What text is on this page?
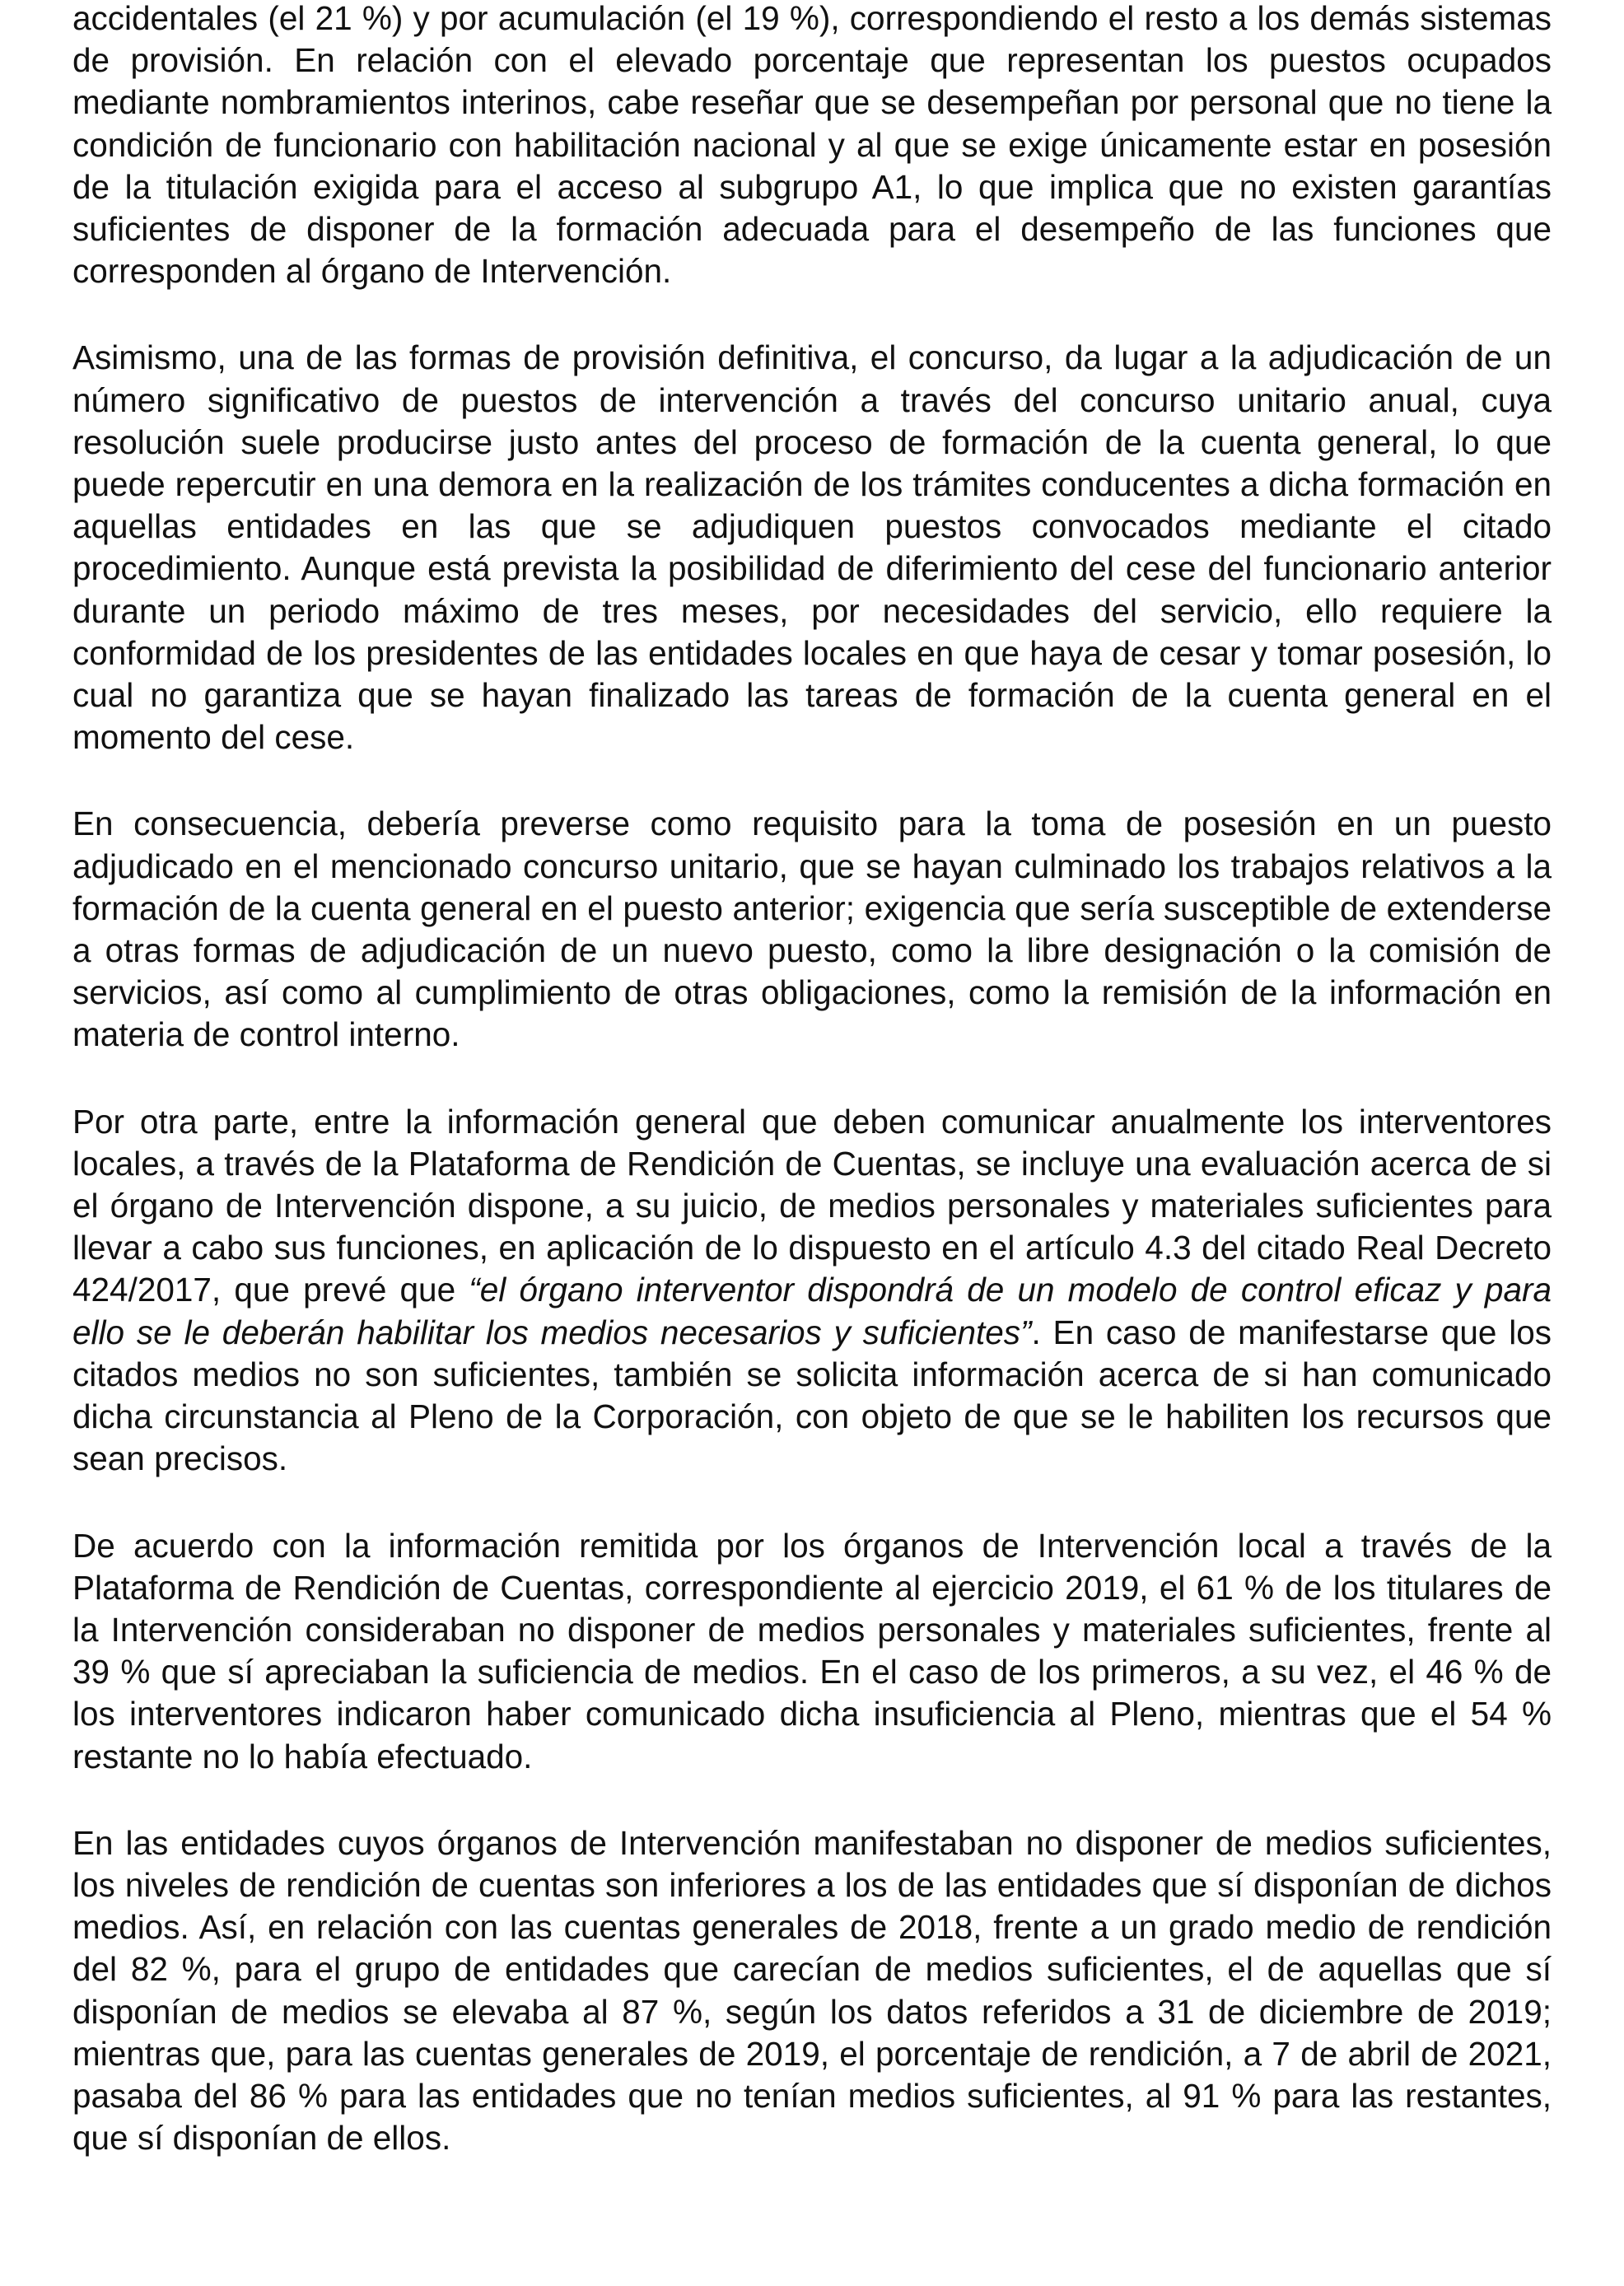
accidentales (el 21 %) y por acumulación (el 19 %), correspondiendo el resto a los demás sistemas de provisión. En relación con el elevado porcentaje que representan los puestos ocupados mediante nombramientos interinos, cabe reseñar que se desempeñan por personal que no tiene la condición de funcionario con habilitación nacional y al que se exige únicamente estar en posesión de la titulación exigida para el acceso al subgrupo A1, lo que implica que no existen garantías suficientes de disponer de la formación adecuada para el desempeño de las funciones que corresponden al órgano de Intervención.

Asimismo, una de las formas de provisión definitiva, el concurso, da lugar a la adjudicación de un número significativo de puestos de intervención a través del concurso unitario anual, cuya resolución suele producirse justo antes del proceso de formación de la cuenta general, lo que puede repercutir en una demora en la realización de los trámites conducentes a dicha formación en aquellas entidades en las que se adjudiquen puestos convocados mediante el citado procedimiento. Aunque está prevista la posibilidad de diferimiento del cese del funcionario anterior durante un periodo máximo de tres meses, por necesidades del servicio, ello requiere la conformidad de los presidentes de las entidades locales en que haya de cesar y tomar posesión, lo cual no garantiza que se hayan finalizado las tareas de formación de la cuenta general en el momento del cese.

En consecuencia, debería preverse como requisito para la toma de posesión en un puesto adjudicado en el mencionado concurso unitario, que se hayan culminado los trabajos relativos a la formación de la cuenta general en el puesto anterior; exigencia que sería susceptible de extenderse a otras formas de adjudicación de un nuevo puesto, como la libre designación o la comisión de servicios, así como al cumplimiento de otras obligaciones, como la remisión de la información en materia de control interno.

Por otra parte, entre la información general que deben comunicar anualmente los interventores locales, a través de la Plataforma de Rendición de Cuentas, se incluye una evaluación acerca de si el órgano de Intervención dispone, a su juicio, de medios personales y materiales suficientes para llevar a cabo sus funciones, en aplicación de lo dispuesto en el artículo 4.3 del citado Real Decreto 424/2017, que prevé que “el órgano interventor dispondrá de un modelo de control eficaz y para ello se le deberán habilitar los medios necesarios y suficientes”. En caso de manifestarse que los citados medios no son suficientes, también se solicita información acerca de si han comunicado dicha circunstancia al Pleno de la Corporación, con objeto de que se le habiliten los recursos que sean precisos.

De acuerdo con la información remitida por los órganos de Intervención local a través de la Plataforma de Rendición de Cuentas, correspondiente al ejercicio 2019, el 61 % de los titulares de la Intervención consideraban no disponer de medios personales y materiales suficientes, frente al 39 % que sí apreciaban la suficiencia de medios. En el caso de los primeros, a su vez, el 46 % de los interventores indicaron haber comunicado dicha insuficiencia al Pleno, mientras que el 54 % restante no lo había efectuado.

En las entidades cuyos órganos de Intervención manifestaban no disponer de medios suficientes, los niveles de rendición de cuentas son inferiores a los de las entidades que sí disponían de dichos medios. Así, en relación con las cuentas generales de 2018, frente a un grado medio de rendición del 82 %, para el grupo de entidades que carecían de medios suficientes, el de aquellas que sí disponían de medios se elevaba al 87 %, según los datos referidos a 31 de diciembre de 2019; mientras que, para las cuentas generales de 2019, el porcentaje de rendición, a 7 de abril de 2021, pasaba del 86 % para las entidades que no tenían medios suficientes, al 91 % para las restantes, que sí disponían de ellos.
